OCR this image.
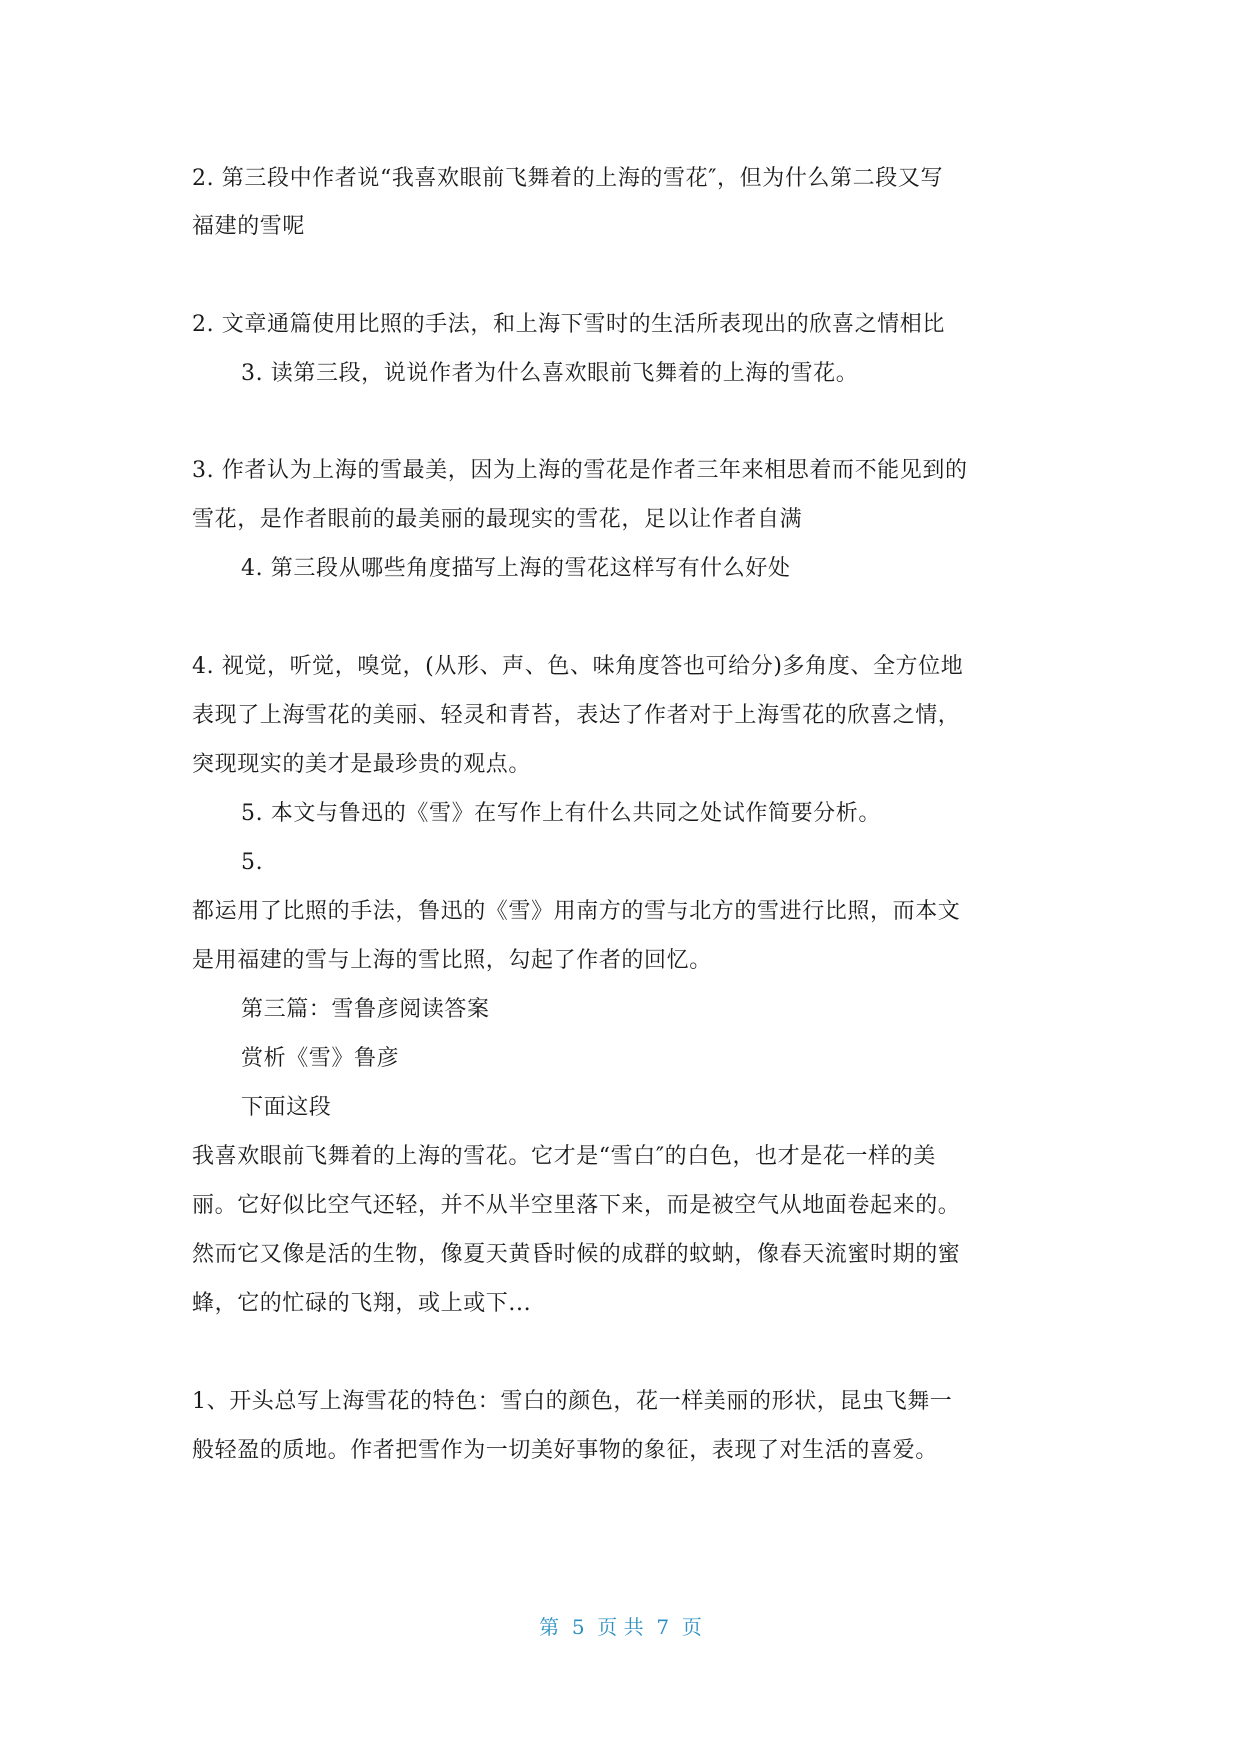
2. 第三段中作者说“我喜欢眼前飞舞着的上海的雪花″，但为什么第二段又写
福建的雪呢
2. 文章通篇使用比照的手法，和上海下雪时的生活所表现出的欣喜之情相比
3. 读第三段，说说作者为什么喜欢眼前飞舞着的上海的雪花。
3. 作者认为上海的雪最美，因为上海的雪花是作者三年来相思着而不能见到的
雪花，是作者眼前的最美丽的最现实的雪花，足以让作者自满
4. 第三段从哪些角度描写上海的雪花这样写有什么好处
4. 视觉，听觉，嗅觉，(从形、声、色、味角度答也可给分)多角度、全方位地
表现了上海雪花的美丽、轻灵和青苔，表达了作者对于上海雪花的欣喜之情，
突现现实的美才是最珍贵的观点。
5. 本文与鲁迅的《雪》在写作上有什么共同之处试作简要分析。
5.
都运用了比照的手法，鲁迅的《雪》用南方的雪与北方的雪进行比照，而本文
是用福建的雪与上海的雪比照，勾起了作者的回忆。
第三篇：雪鲁彦阅读答案
赏析《雪》鲁彦
下面这段
我喜欢眼前飞舞着的上海的雪花。它才是“雪白″的白色，也才是花一样的美
丽。它好似比空气还轻，并不从半空里落下来，而是被空气从地面卷起来的。
然而它又像是活的生物，像夏天黄昏时候的成群的蚊蚋，像春天流蜜时期的蜜
蜂，它的忙碌的飞翔，或上或下...
1、开头总写上海雪花的特色：雪白的颜色，花一样美丽的形状，昆虫飞舞一
般轻盈的质地。作者把雪作为一切美好事物的象征，表现了对生活的喜爱。
第  5  页 共  7  页
